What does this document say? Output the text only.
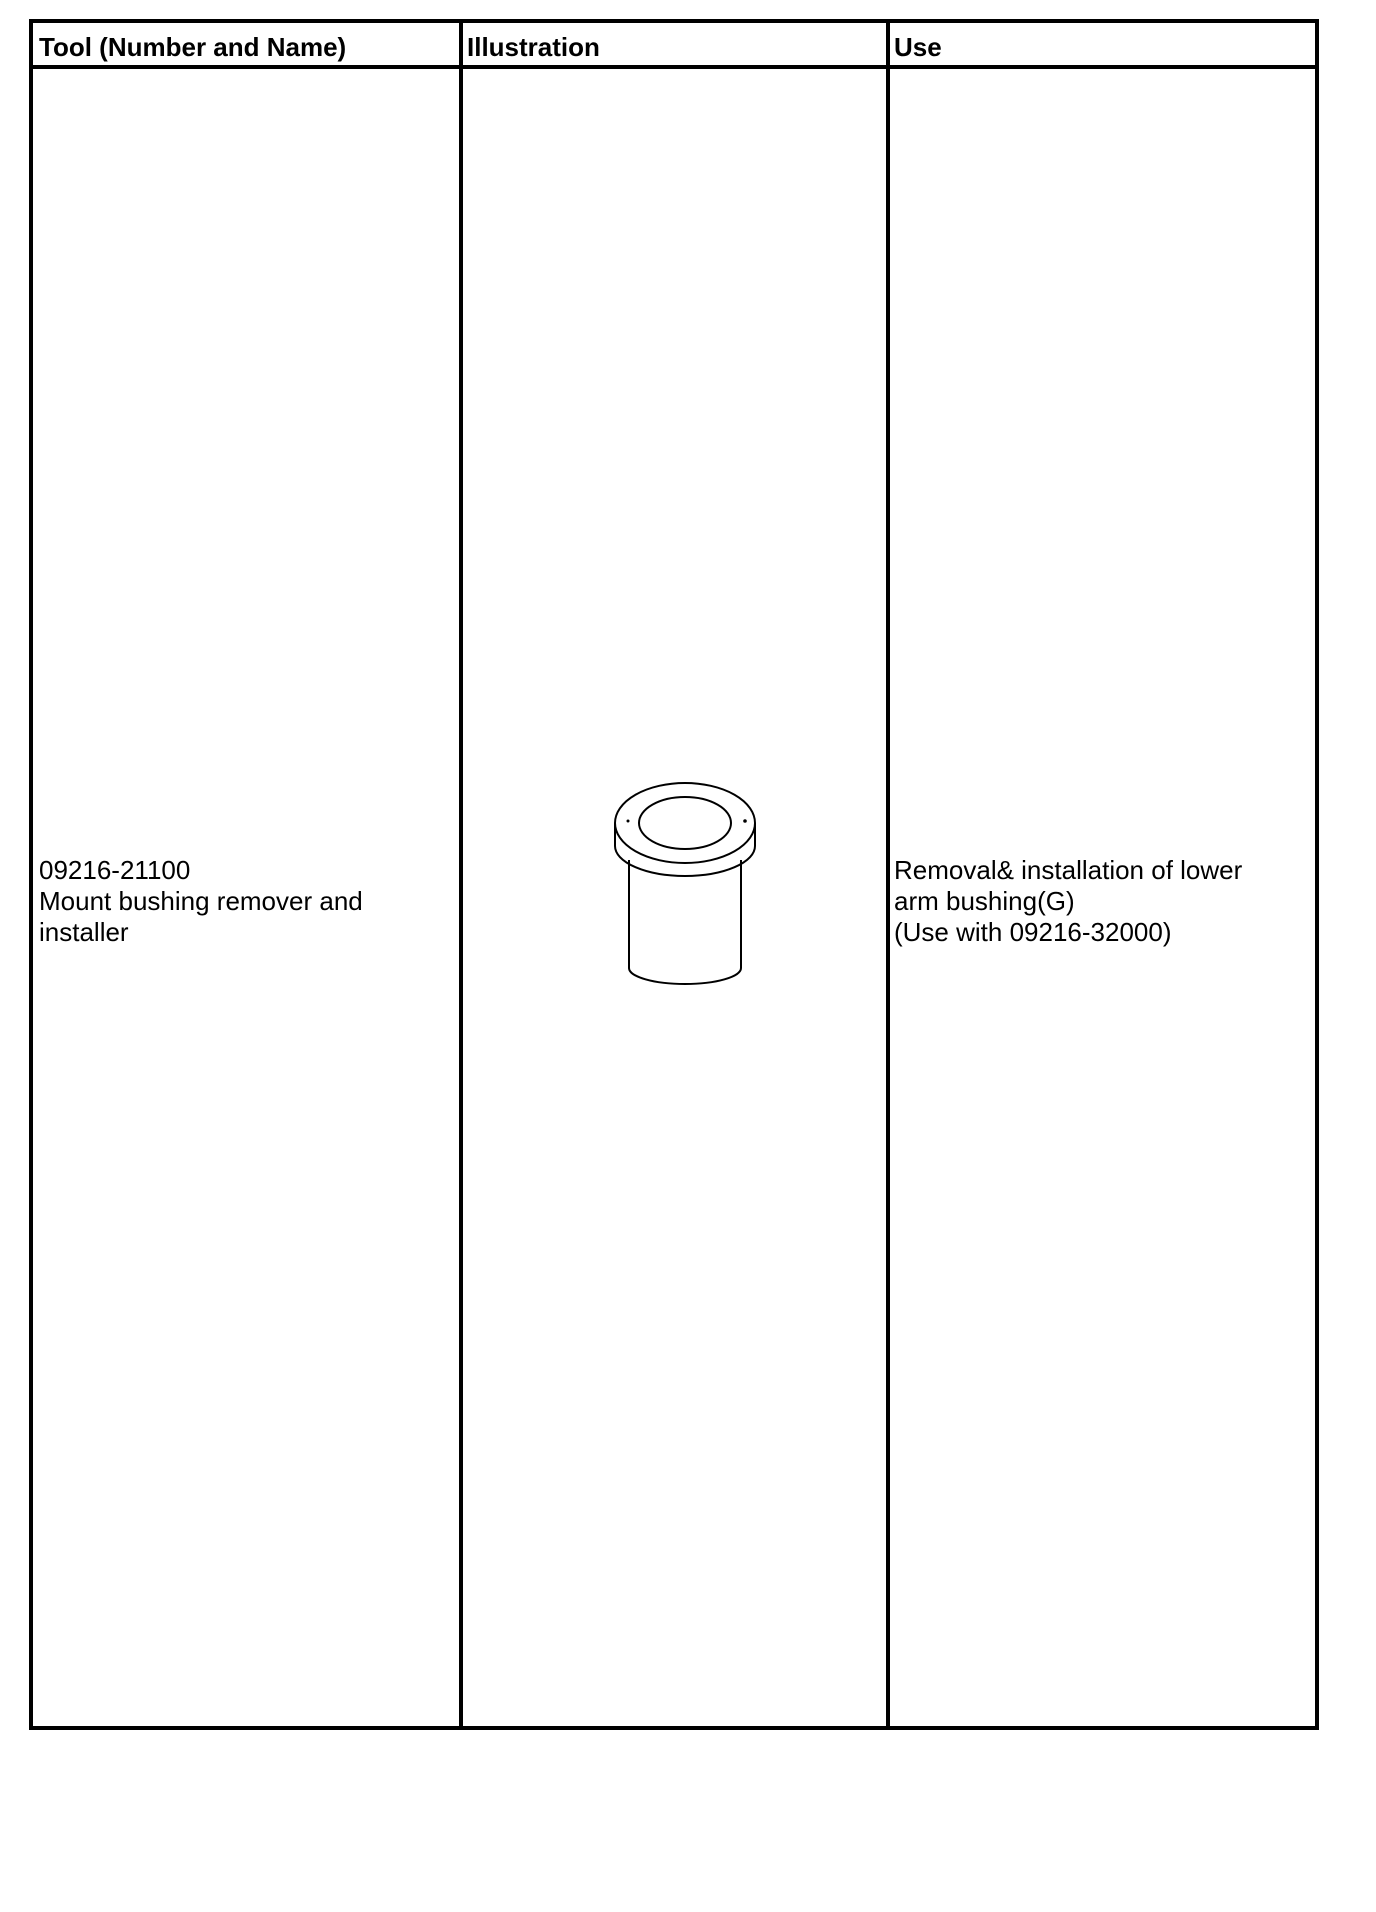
Tool (Number and Name)	Illustration	Use
09216-21100
Mount bushing remover and
installer
Removal& installation of lower
arm bushing(G)
(Use with 09216-32000)
